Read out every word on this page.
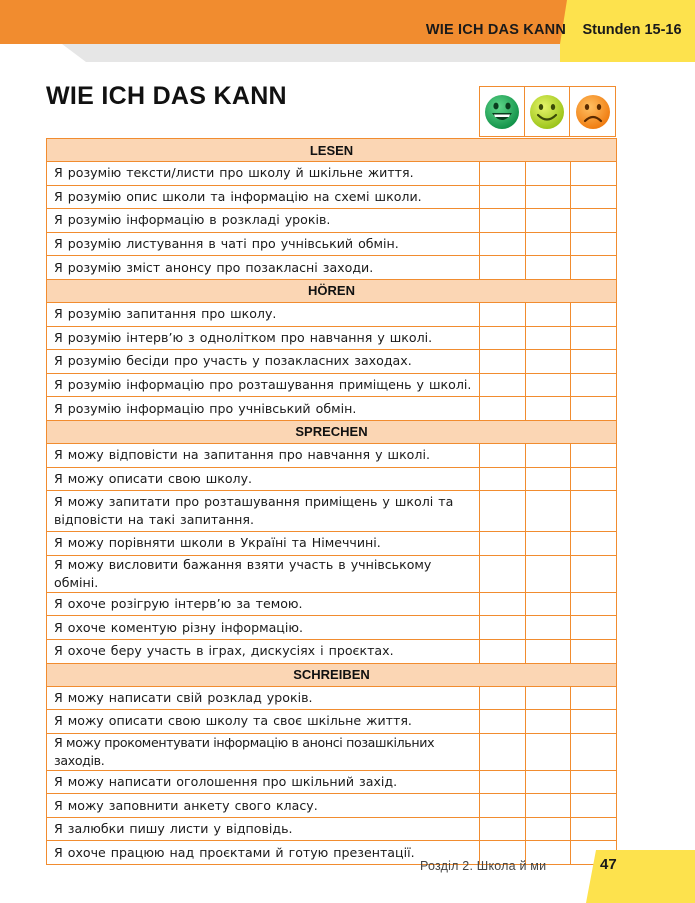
WIE ICH DAS KANN	Stunden 15-16
WIE ICH DAS KANN
LESEN			
Я розумію тексти/листи про школу й шкільне життя.			
Я розумію опис школи та інформацію на схемі школи.			
Я розумію інформацію в розкладі уроків.			
Я розумію листування в чаті про учнівський обмін.			
Я розумію зміст анонсу про позакласні заходи.			
HÖREN			
Я розумію запитання про школу.			
Я розумію інтерв’ю з однолітком про навчання у школі.			
Я розумію бесіди про участь у позакласних заходах.			
Я розумію інформацію про розташування приміщень у школі.			
Я розумію інформацію про учнівський обмін.			
SPRECHEN			
Я можу відповісти на запитання про навчання у школі.			
Я можу описати свою школу.			
Я можу запитати про розташування приміщень у школі та відповісти на такі запитання.			
Я можу порівняти школи в Україні та Німеччині.			
Я можу висловити бажання взяти участь в учнівському обміні.			
Я охоче розігрую інтерв’ю за темою.			
Я охоче коментую різну інформацію.			
Я охоче беру участь в іграх, дискусіях і проєктах.			
SCHREIBEN			
Я можу написати свій розклад уроків.			
Я можу описати свою школу та своє шкільне життя.			
Я можу прокоментувати інформацію в анонсі позашкільних заходів.			
Я можу написати оголошення про шкільний захід.			
Я можу заповнити анкету свого класу.			
Я залюбки пишу листи у відповідь.			
Я охоче працюю над проєктами й готую презентації.			
Розділ 2. Школа й ми	47
